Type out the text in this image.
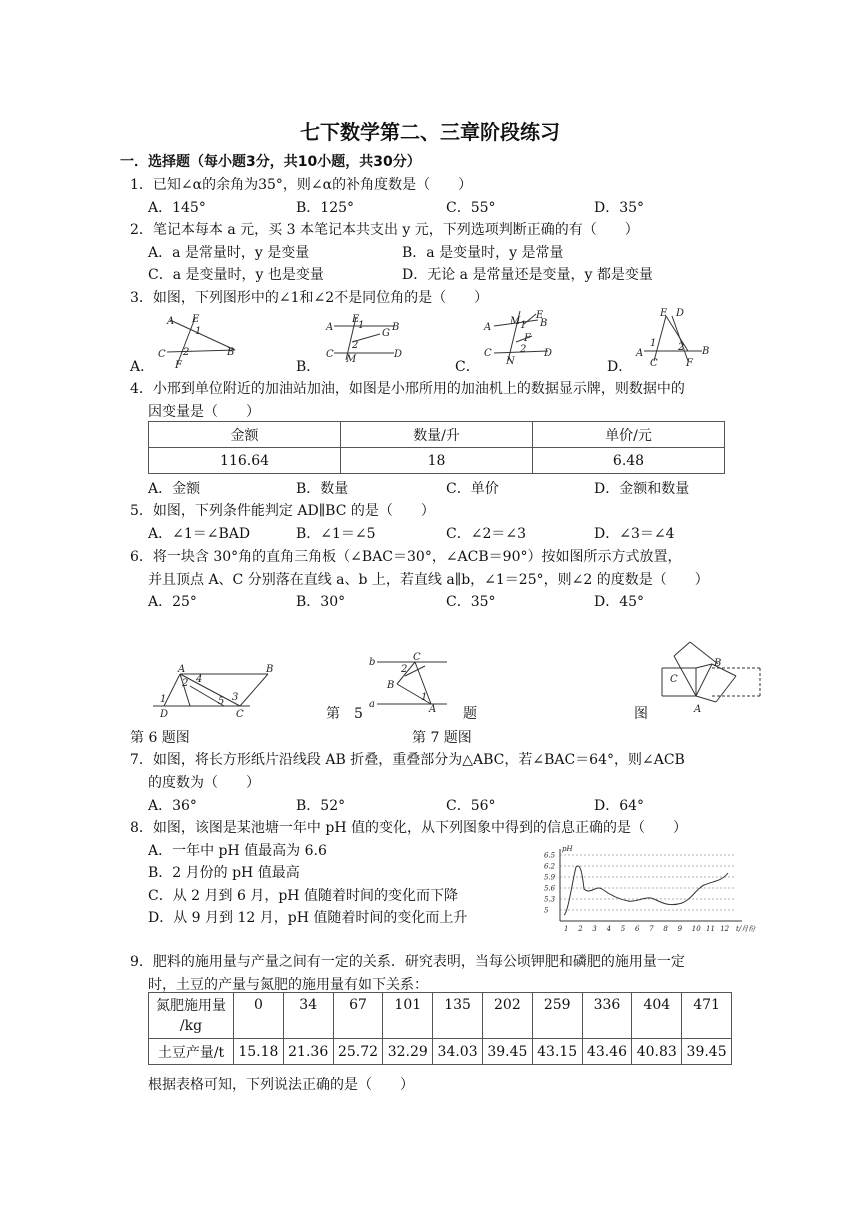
七下数学第二、三章阶段练习
一．选择题（每小题3分，共10小题，共30分）
1．已知∠α的余角为35°，则∠α的补角度数是（　　）
A．145°	B．125°	C．55°	D．35°
2．笔记本每本 a 元，买 3 本笔记本共支出 y 元，下列选项判断正确的有（　　）
A．a 是常量时，y 是变量	B．a 是变量时，y 是常量
C．a 是变量时，y 也是变量	D．无论 a 是常量还是变量，y 都是变量
3．如图，下列图形中的∠1和∠2不是同位角的是（　　）
A．	B．	C．	D．
A E
1
2
C
F
B
A
E
1
2
G
C M
B
D
A
M 1
E
B
F
2
C
N
D
E D
1 2
A
C	F
B
4．小邢到单位附近的加油站加油，如图是小邢所用的加油机上的数据显示牌，则数据中的
因变量是（　　）
金额	数量/升	单价/元
116.64	18	6.48
A．金额	B．数量	C．单价	D．金额和数量
5．如图，下列条件能判定 AD∥BC 的是（　　）
A．∠1＝∠BAD	B．∠1＝∠5	C．∠2＝∠3	D．∠3＝∠4
6．将一块含 30°角的直角三角板（∠BAC＝30°，∠ACB＝90°）按如图所示方式放置，
并且顶点 A、C 分别落在直线 a、b 上，若直线 a∥b，∠1＝25°，则∠2 的度数是（　　）
A．25°	B．30°	C．35°	D．45°
A	B
D	C
1
2 4
5 3
b	C
2
B
1
a	A
C
B
A
第 6 题图
第　5	题	图
第 7 题图
7．如图，将长方形纸片沿线段 AB 折叠，重叠部分为△ABC，若∠BAC＝64°，则∠ACB
的度数为（　　）
A．36°	B．52°	C．56°	D．64°
8．如图，该图是某池塘一年中 pH 值的变化，从下列图象中得到的信息正确的是（　　）
A．一年中 pH 值最高为 6.6
B．2 月份的 pH 值最高
C．从 2 月到 6 月，pH 值随着时间的变化而下降
D．从 9 月到 12 月，pH 值随着时间的变化而上升
6.5
6.2
5.9
5.6
5.3
5
1 2 3 4 5 6 7 8 9 10 11 12
pH
t/月份
9．肥料的施用量与产量之间有一定的关系．研究表明，当每公顷钾肥和磷肥的施用量一定
时，土豆的产量与氮肥的施用量有如下关系：
氮肥施用量
/kg	0	34	67	101	135	202	259	336	404	471
土豆产量/t	15.18	21.36	25.72	32.29	34.03	39.45	43.15	43.46	40.83	39.45
根据表格可知，下列说法正确的是（　　）
